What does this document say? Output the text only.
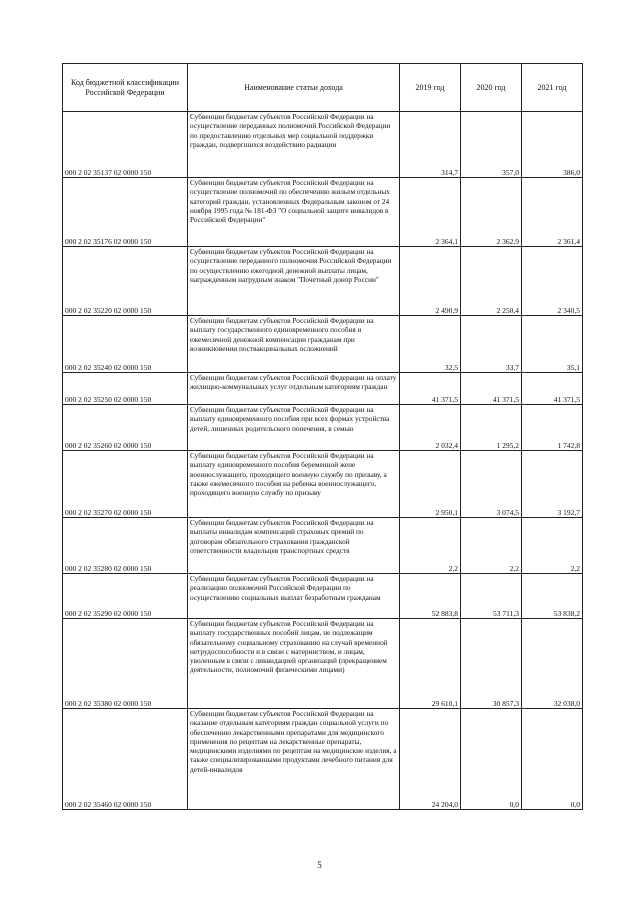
Код бюджетной классификации Российской Федерации	Наименование статьи дохода	2019 год	2020 год	2021 год
000 2 02 35137 02 0000 150	Субвенции бюджетам субъектов Российской Федерации на осуществление переданных полномочий Российской Федерации по предоставлению отдельных мер социальной поддержки граждан, подвергшихся воздействию радиации	314,7	357,0	386,0
000 2 02 35176 02 0000 150	Субвенции бюджетам субъектов Российской Федерации на осуществление полномочий по обеспечению жильем отдельных категорий граждан, установленных Федеральным законом от 24 ноября 1995 года № 181-ФЗ "О социальной защите инвалидов в Российской Федерации"	2 364,1	2 362,9	2 361,4
000 2 02 35220 02 0000 150	Субвенции бюджетам субъектов Российской Федерации на осуществление переданного полномочия Российской Федерации по осуществлению ежегодной денежной выплаты лицам, награжденным нагрудным знаком "Почетный донор России"	2 490,9	2 250,4	2 340,5
000 2 02 35240 02 0000 150	Субвенции бюджетам субъектов Российской Федерации на выплату государственного единовременного пособия и ежемесячной денежной компенсации гражданам при возникновении поствакцинальных осложнений	32,5	33,7	35,1
000 2 02 35250 02 0000 150	Субвенции бюджетам субъектов Российской Федерации на оплату жилищно-коммунальных услуг отдельным категориям граждан	41 371,5	41 371,5	41 371,5
000 2 02 35260 02 0000 150	Субвенции бюджетам субъектов Российской Федерации на выплату единовременного пособия при всех формах устройства детей, лишенных родительского попечения, в семью	2 032,4	1 295,2	1 742,8
000 2 02 35270 02 0000 150	Субвенции бюджетам субъектов Российской Федерации на выплату единовременного пособия беременной жене военнослужащего, проходящего военную службу по призыву, а также ежемесячного пособия на ребенка военнослужащего, проходящего военную службу по призыву	2 950,1	3 074,5	3 192,7
000 2 02 35280 02 0000 150	Субвенции бюджетам субъектов Российской Федерации на выплаты инвалидам компенсаций страховых премий по договорам обязательного страхования гражданской ответственности владельцев транспортных средств	2,2	2,2	2,2
000 2 02 35290 02 0000 150	Субвенции бюджетам субъектов Российской Федерации на реализацию полномочий Российской Федерации по осуществлению социальных выплат безработным гражданам	52 883,8	53 711,3	53 838,2
000 2 02 35380 02 0000 150	Субвенции бюджетам субъектов Российской Федерации на выплату государственных пособий лицам, не подлежащим обязательному социальному страхованию на случай временной нетрудоспособности и в связи с материнством, и лицам, уволенным в связи с ликвидацией организаций (прекращением деятельности, полномочий физическими лицами)	29 610,1	30 857,3	32 038,0
000 2 02 35460 02 0000 150	Субвенции бюджетам субъектов Российской Федерации на оказание отдельным категориям граждан социальной услуги по обеспечению лекарственными препаратами для медицинского применения по рецептам на лекарственные препараты, медицинскими изделиями по рецептам на медицинские изделия, а также специализированными продуктами лечебного питания для детей-инвалидов	24 204,0	0,0	0,0
5
